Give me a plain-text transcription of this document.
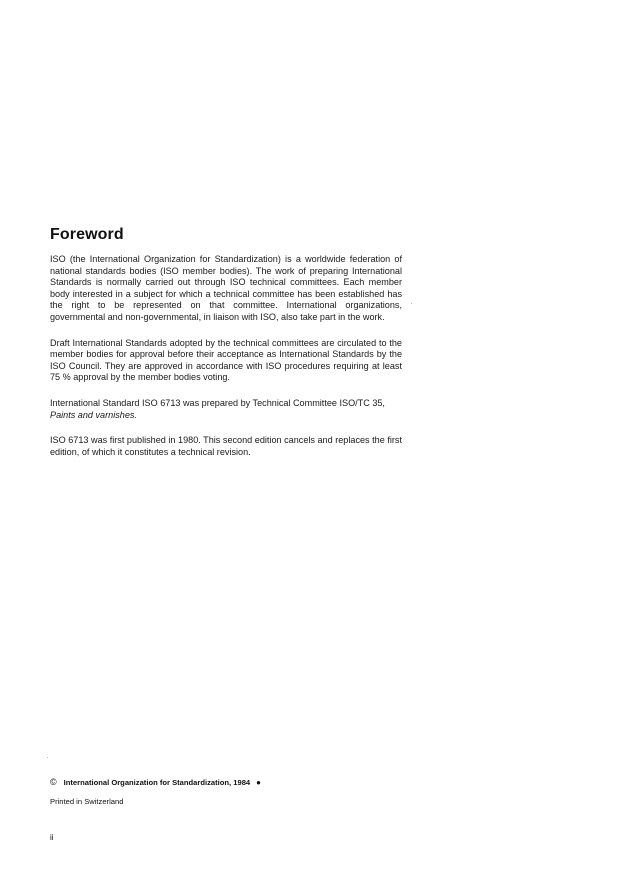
Foreword

ISO (the International Organization for Standardization) is a worldwide federation of national standards bodies (ISO member bodies). The work of preparing International Standards is normally carried out through ISO technical committees. Each member body interested in a subject for which a technical committee has been established has the right to be represented on that committee. International organizations, governmental and non-governmental, in liaison with ISO, also take part in the work.

Draft International Standards adopted by the technical committees are circulated to the member bodies for approval before their acceptance as International Standards by the ISO Council. They are approved in accordance with ISO procedures requiring at least 75 % approval by the member bodies voting.

International Standard ISO 6713 was prepared by Technical Committee ISO/TC 35,
Paints and varnishes.

ISO 6713 was first published in 1980. This second edition cancels and replaces the first edition, of which it constitutes a technical revision.

© International Organization for Standardization, 1984 ●
Printed in Switzerland
ii
